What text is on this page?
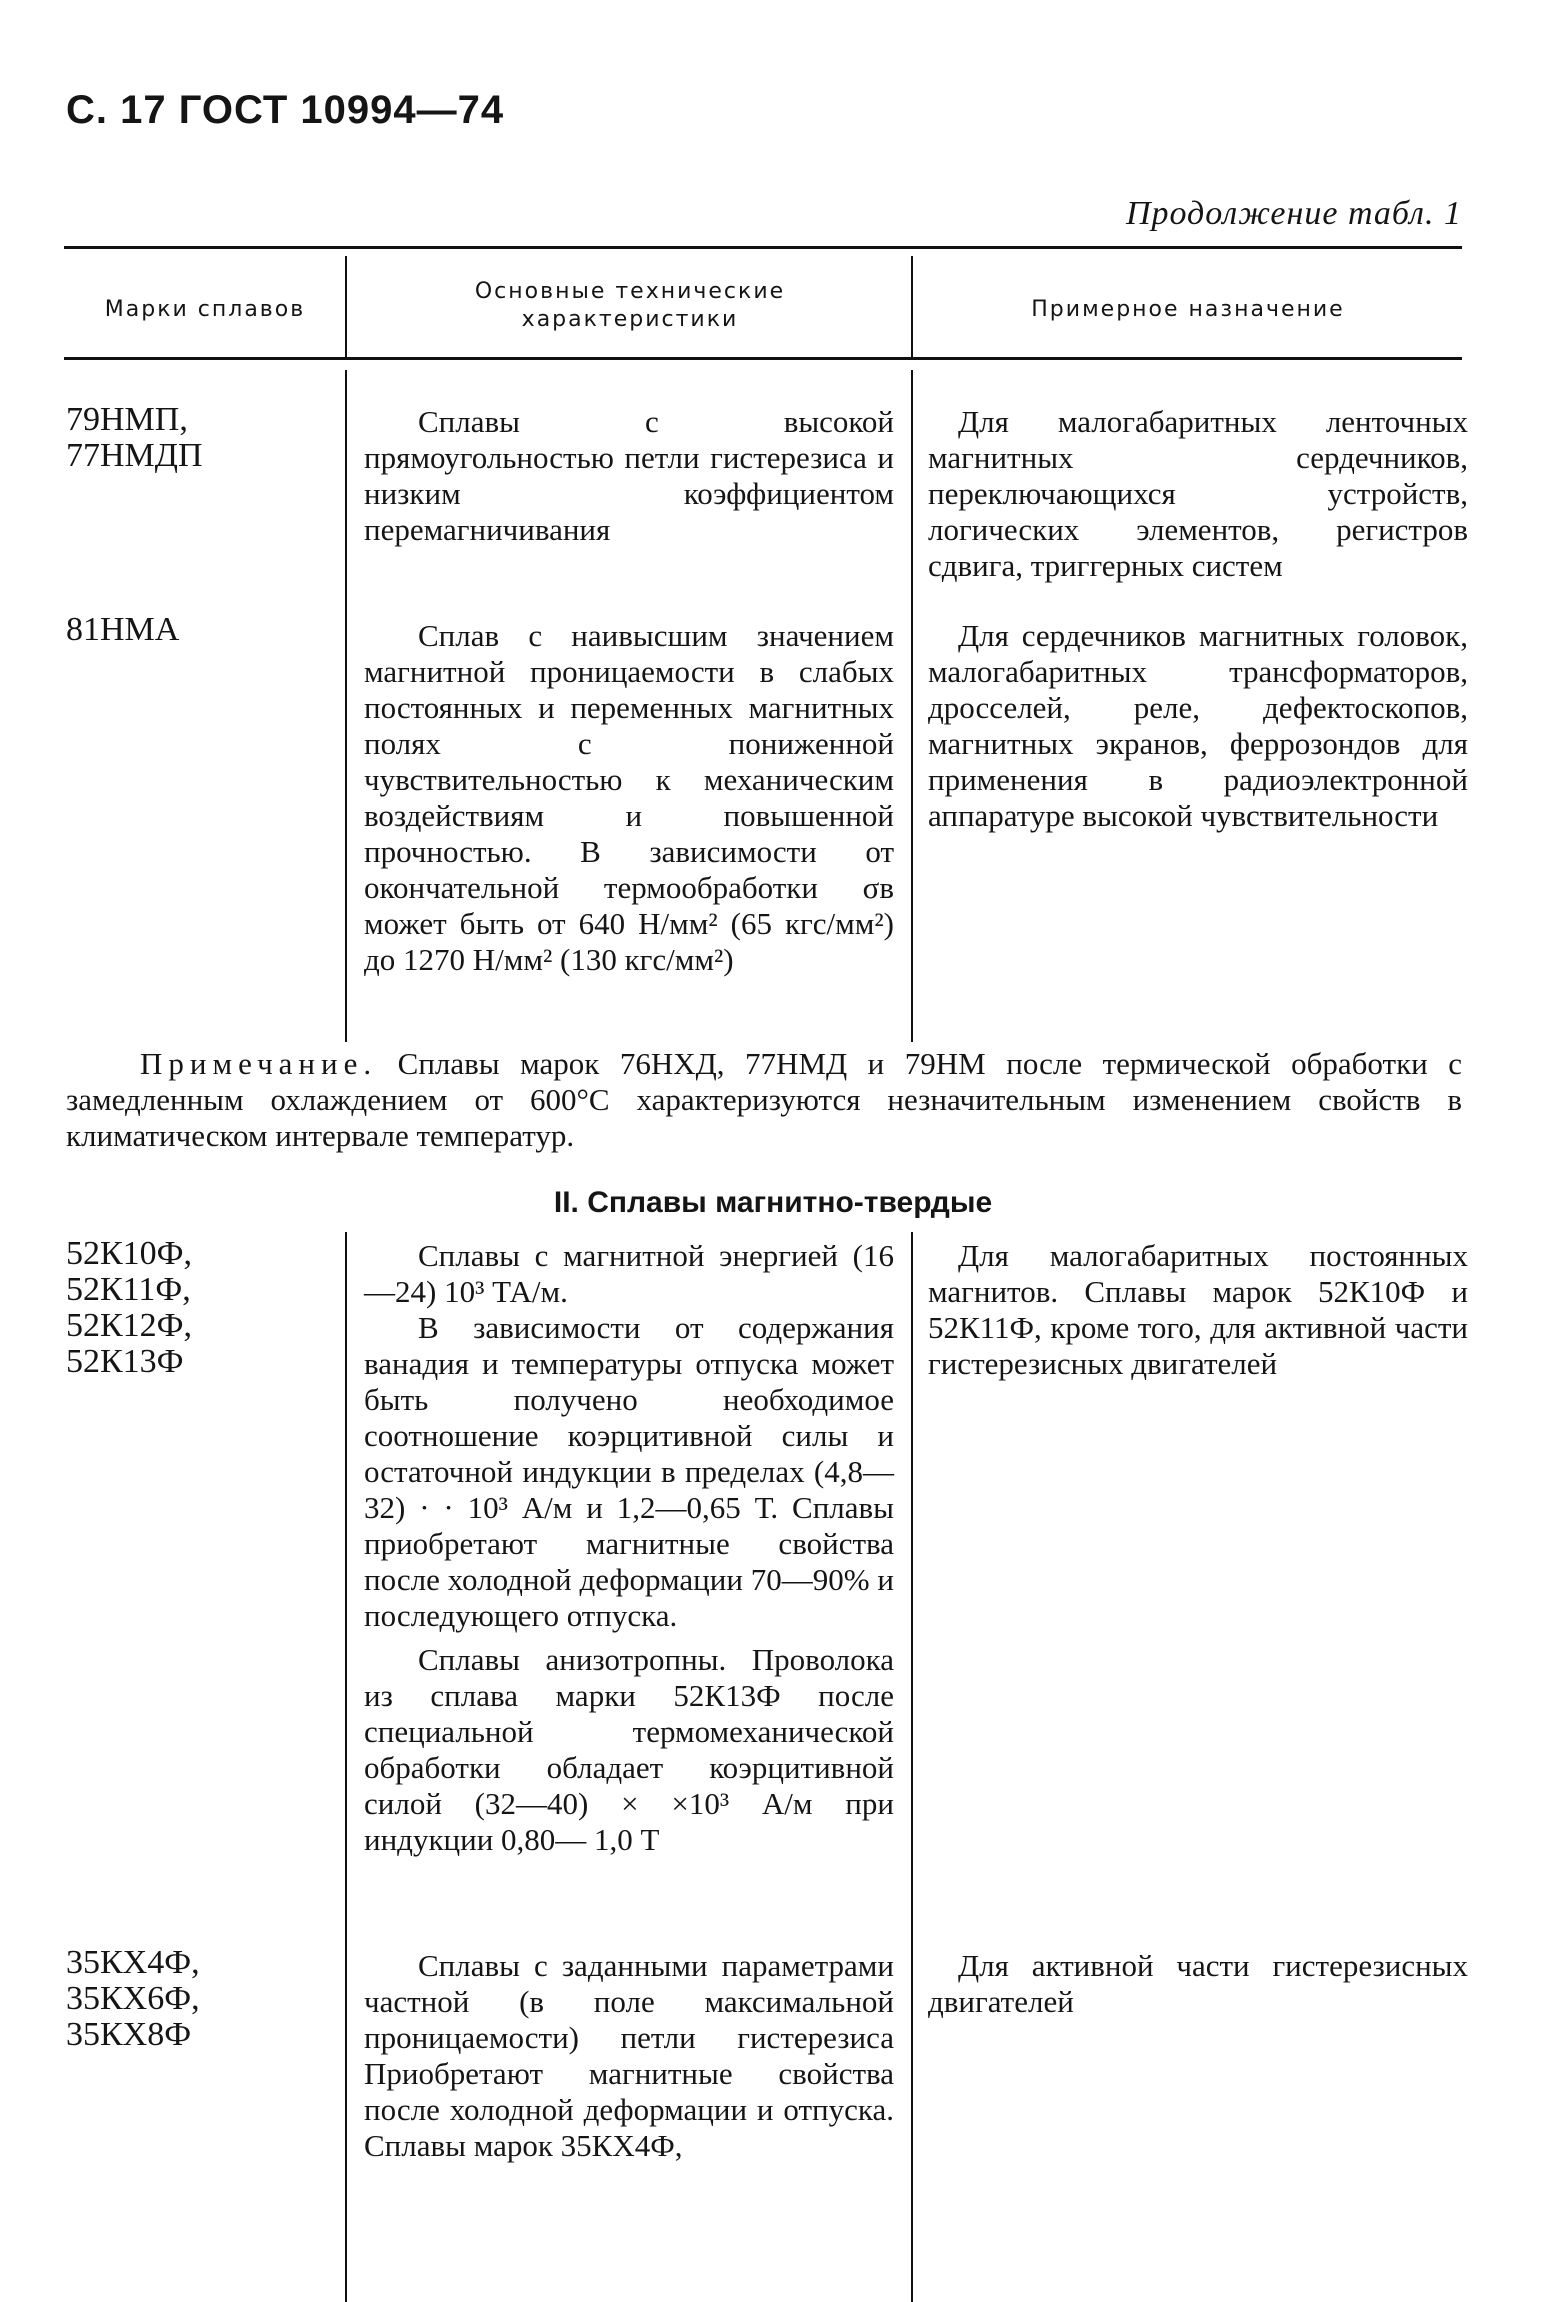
С. 17 ГОСТ 10994—74
Продолжение табл. 1
Марки сплавов
Основные технические характеристики	Примерное назначение
79НМП,
77НМДП

Сплавы с высокой прямоугольностью петли гистерезиса и низким коэффициентом перемагничивания

Для малогабаритных ленточных магнитных сердечников, переключающихся устройств, логических элементов, регистров сдвига, триггерных систем

81НМА	Сплав с наивысшим значением магнитной проницаемости в слабых постоянных и переменных магнитных полях с пониженной чувствительностью к механическим воздействиям и повышенной прочностью. В зависимости от окончательной термообработки σв может быть от 640 Н/мм² (65 кгс/мм²) до 1270 Н/мм² (130 кгс/мм²)

Для сердечников магнитных головок, малогабаритных трансформаторов, дросселей, реле, дефектоскопов, магнитных экранов, феррозондов для применения в радиоэлектронной аппаратуре высокой чувствительности

Примечание. Сплавы марок 76НХД, 77НМД и 79НМ после термической обработки с замедленным охлаждением от 600°С характеризуются незначительным изменением свойств в климатическом интервале температур.
II. Сплавы магнитно-твердые
52К10Ф,
52К11Ф,
52К12Ф,
52К13Ф

Сплавы с магнитной энергией (16—24) 10³ ТА/м.

В зависимости от содержания ванадия и температуры отпуска может быть получено необходимое соотношение коэрцитивной силы и остаточной индукции в пределах (4,8—32) · · 10³ А/м и 1,2—0,65 Т. Сплавы приобретают магнитные свойства после холодной деформации 70—90% и последующего отпуска.

Сплавы анизотропны. Проволока из сплава марки 52К13Ф после специальной термомеханической обработки обладает коэрцитивной силой (32—40) × ×10³ А/м при индукции 0,80— 1,0 Т

Для малогабаритных постоянных магнитов. Сплавы марок 52К10Ф и 52К11Ф, кроме того, для активной части гистерезисных двигателей

35КХ4Ф,
35КХ6Ф,
35КХ8Ф

Сплавы с заданными параметрами частной (в поле максимальной проницаемости) петли гистерезиса Приобретают магнитные свойства после холодной деформации и отпуска. Сплавы марок 35КХ4Ф,

Для активной части гистерезисных двигателей
